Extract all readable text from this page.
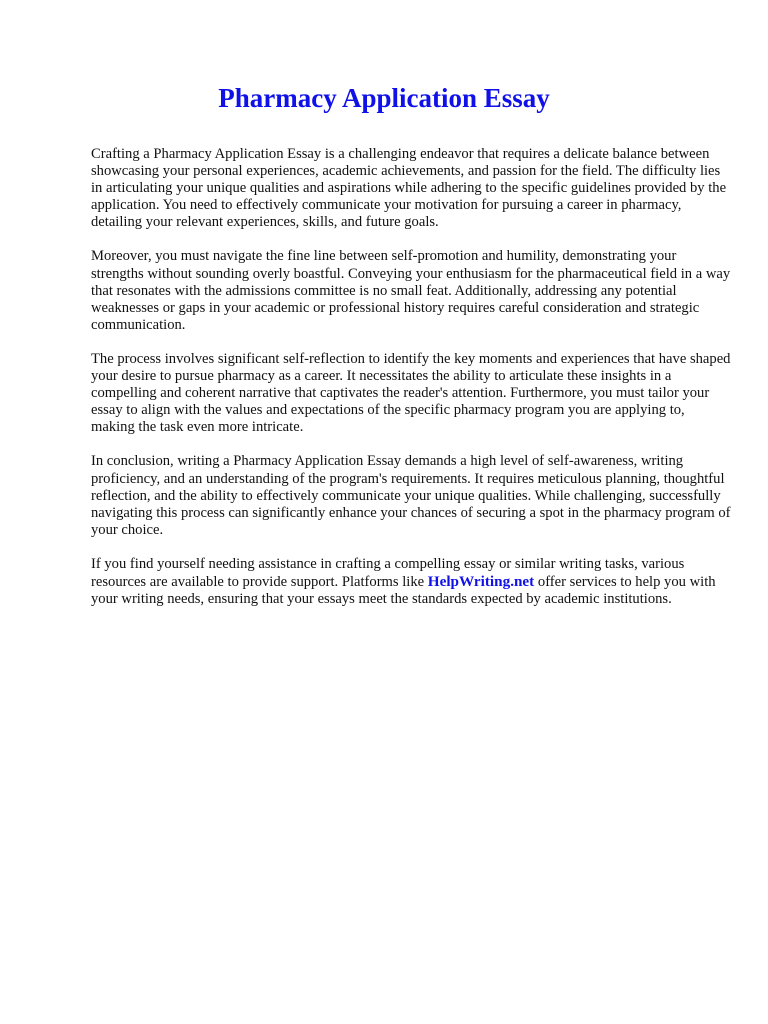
Pharmacy Application Essay

Crafting a Pharmacy Application Essay is a challenging endeavor that requires a delicate balance between showcasing your personal experiences, academic achievements, and passion for the field. The difficulty lies in articulating your unique qualities and aspirations while adhering to the specific guidelines provided by the application. You need to effectively communicate your motivation for pursuing a career in pharmacy, detailing your relevant experiences, skills, and future goals.

Moreover, you must navigate the fine line between self-promotion and humility, demonstrating your strengths without sounding overly boastful. Conveying your enthusiasm for the pharmaceutical field in a way that resonates with the admissions committee is no small feat. Additionally, addressing any potential weaknesses or gaps in your academic or professional history requires careful consideration and strategic communication.

The process involves significant self-reflection to identify the key moments and experiences that have shaped your desire to pursue pharmacy as a career. It necessitates the ability to articulate these insights in a compelling and coherent narrative that captivates the reader's attention. Furthermore, you must tailor your essay to align with the values and expectations of the specific pharmacy program you are applying to, making the task even more intricate.

In conclusion, writing a Pharmacy Application Essay demands a high level of self-awareness, writing proficiency, and an understanding of the program's requirements. It requires meticulous planning, thoughtful reflection, and the ability to effectively communicate your unique qualities. While challenging, successfully navigating this process can significantly enhance your chances of securing a spot in the pharmacy program of your choice.

If you find yourself needing assistance in crafting a compelling essay or similar writing tasks, various resources are available to provide support. Platforms like HelpWriting.net offer services to help you with your writing needs, ensuring that your essays meet the standards expected by academic institutions.
